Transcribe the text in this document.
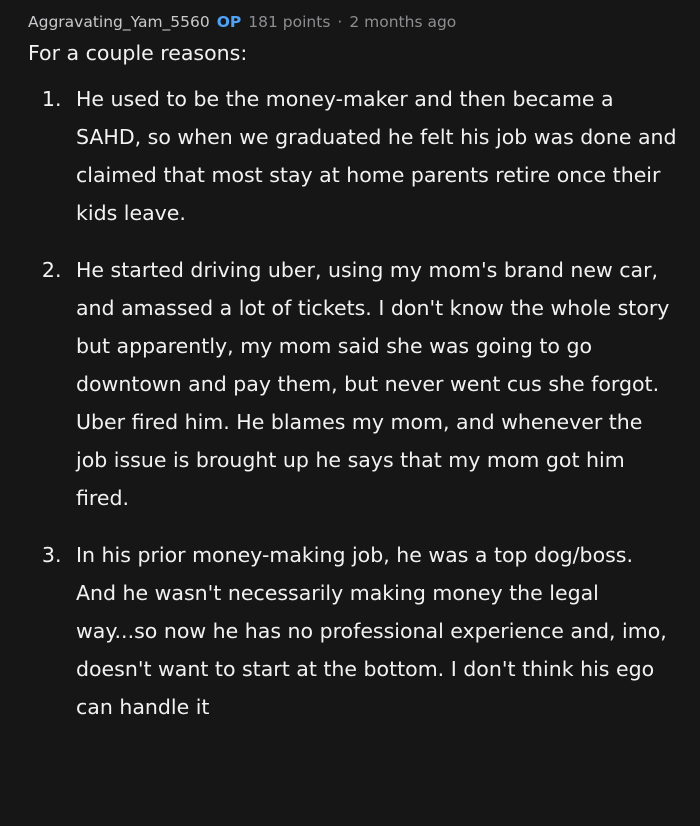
Aggravating_Yam_5560 OP 181 points · 2 months ago

For a couple reasons:

1. He used to be the money-maker and then became a SAHD, so when we graduated he felt his job was done and claimed that most stay at home parents retire once their kids leave.
2. He started driving uber, using my mom's brand new car, and amassed a lot of tickets. I don't know the whole story but apparently, my mom said she was going to go downtown and pay them, but never went cus she forgot. Uber fired him. He blames my mom, and whenever the job issue is brought up he says that my mom got him fired.
3. In his prior money-making job, he was a top dog/boss. And he wasn't necessarily making money the legal way...so now he has no professional experience and, imo, doesn't want to start at the bottom. I don't think his ego can handle it
